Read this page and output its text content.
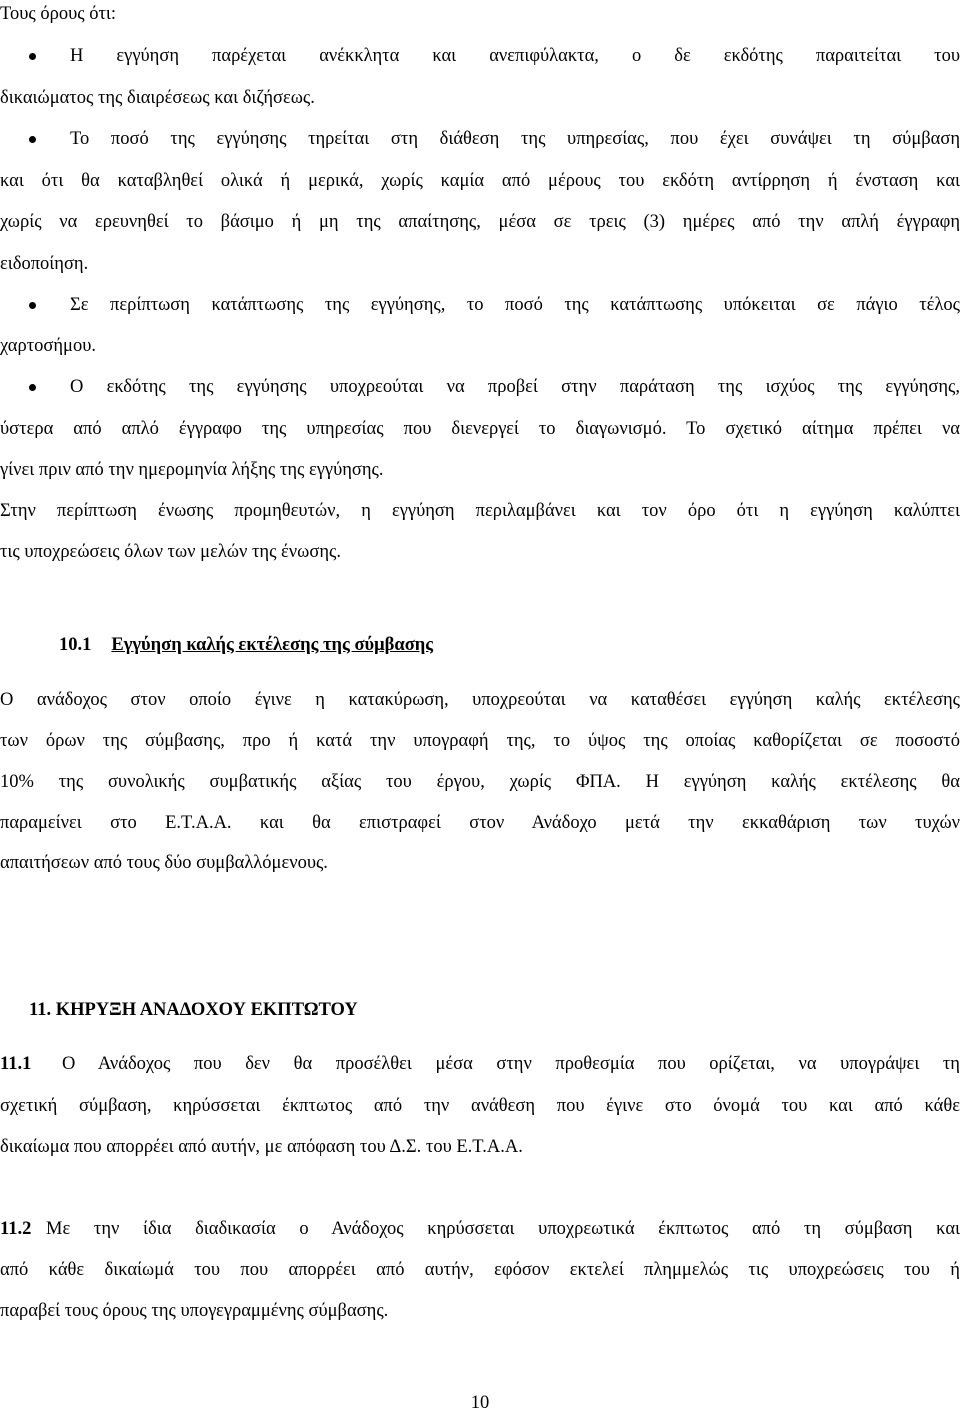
Τους όρους ότι:
Η εγγύηση παρέχεται ανέκκλητα και ανεπιφύλακτα, ο δε εκδότης παραιτείται του
δικαιώματος της διαιρέσεως και διζήσεως.
Το ποσό της εγγύησης τηρείται στη διάθεση της υπηρεσίας, που έχει συνάψει τη σύμβαση
και ότι θα καταβληθεί ολικά ή μερικά, χωρίς καμία από μέρους του εκδότη αντίρρηση ή ένσταση και
χωρίς να ερευνηθεί το βάσιμο ή μη της απαίτησης, μέσα σε τρεις (3) ημέρες από την απλή έγγραφη
ειδοποίηση.
Σε περίπτωση κατάπτωσης της εγγύησης, το ποσό της κατάπτωσης υπόκειται σε πάγιο τέλος
χαρτοσήμου.
Ο εκδότης της εγγύησης υποχρεούται να προβεί στην παράταση της ισχύος της εγγύησης,
ύστερα από απλό έγγραφο της υπηρεσίας που διενεργεί το διαγωνισμό. Το σχετικό αίτημα πρέπει να
γίνει πριν από την ημερομηνία λήξης της εγγύησης.
Στην περίπτωση ένωσης προμηθευτών, η εγγύηση περιλαμβάνει και τον όρο ότι η εγγύηση καλύπτει
τις υποχρεώσεις όλων των μελών της ένωσης.
10.1 Εγγύηση καλής εκτέλεσης της σύμβασης
Ο ανάδοχος στον οποίο έγινε η κατακύρωση, υποχρεούται να καταθέσει εγγύηση καλής εκτέλεσης
των όρων της σύμβασης, προ ή κατά την υπογραφή της, το ύψος της οποίας καθορίζεται σε ποσοστό
10% της συνολικής συμβατικής αξίας του έργου, χωρίς ΦΠΑ. Η εγγύηση καλής εκτέλεσης θα
παραμείνει στο Ε.Τ.Α.Α. και θα επιστραφεί στον Ανάδοχο μετά την εκκαθάριση των τυχών
απαιτήσεων από τους δύο συμβαλλόμενους.
11. ΚΗΡΥΞΗ ΑΝΑΔΟΧΟΥ ΕΚΠΤΩΤΟΥ
11.1 Ο Ανάδοχος που δεν θα προσέλθει μέσα στην προθεσμία που ορίζεται, να υπογράψει τη
σχετική σύμβαση, κηρύσσεται έκπτωτος από την ανάθεση που έγινε στο όνομά του και από κάθε
δικαίωμα που απορρέει από αυτήν, με απόφαση του Δ.Σ. του Ε.Τ.Α.Α.
11.2 Με την ίδια διαδικασία ο Ανάδοχος κηρύσσεται υποχρεωτικά έκπτωτος από τη σύμβαση και
από κάθε δικαίωμά του που απορρέει από αυτήν, εφόσον εκτελεί πλημμελώς τις υποχρεώσεις του ή
παραβεί τους όρους της υπογεγραμμένης σύμβασης.
10
